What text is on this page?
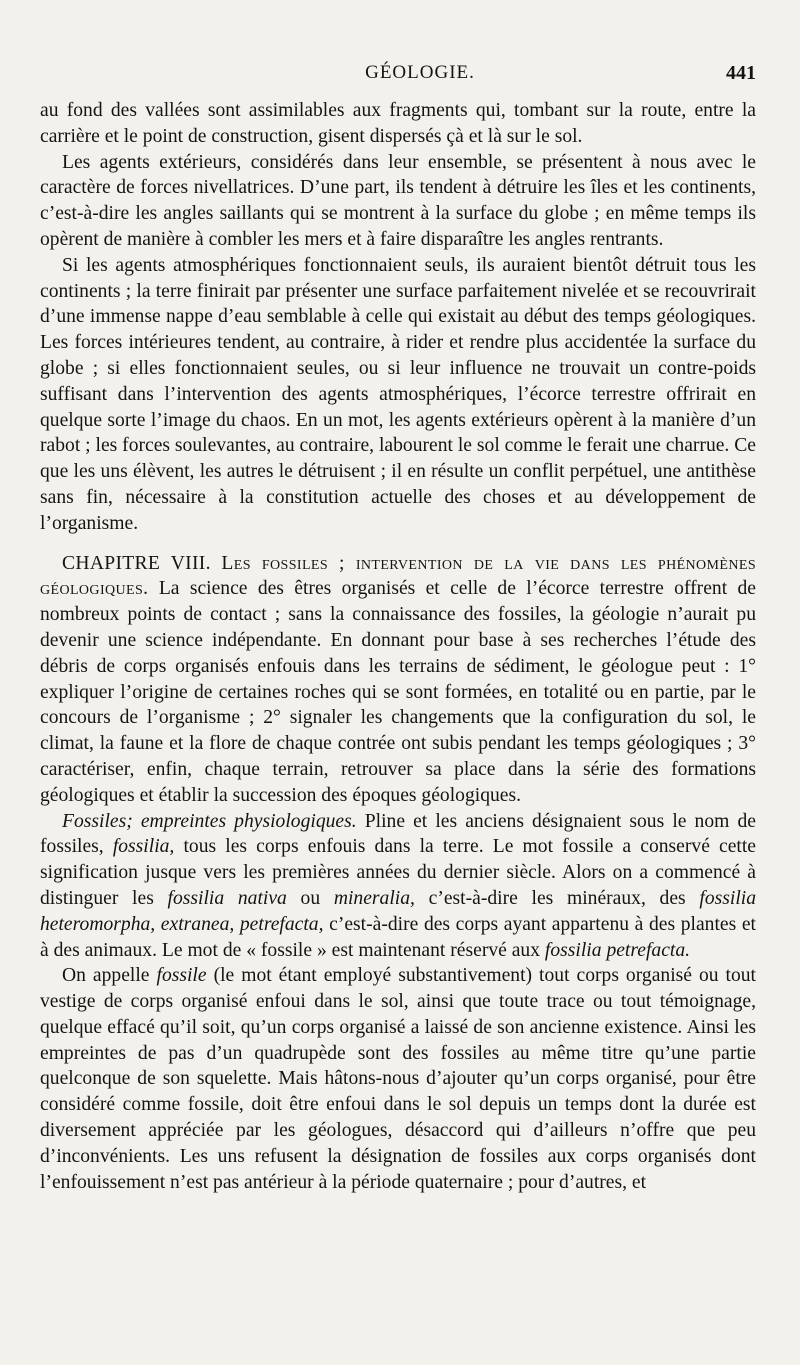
GÉOLOGIE.	441

au fond des vallées sont assimilables aux fragments qui, tombant sur la route, entre la carrière et le point de construction, gisent dispersés çà et là sur le sol.

Les agents extérieurs, considérés dans leur ensemble, se présentent à nous avec le caractère de forces nivellatrices. D’une part, ils tendent à détruire les îles et les continents, c’est-à-dire les angles saillants qui se montrent à la surface du globe ; en même temps ils opèrent de manière à combler les mers et à faire disparaître les angles rentrants.

Si les agents atmosphériques fonctionnaient seuls, ils auraient bientôt détruit tous les continents ; la terre finirait par présenter une surface parfaitement nivelée et se recouvrirait d’une immense nappe d’eau semblable à celle qui existait au début des temps géologiques. Les forces intérieures tendent, au contraire, à rider et rendre plus accidentée la surface du globe ; si elles fonctionnaient seules, ou si leur influence ne trouvait un contre-poids suffisant dans l’intervention des agents atmosphériques, l’écorce terrestre offrirait en quelque sorte l’image du chaos. En un mot, les agents extérieurs opèrent à la manière d’un rabot ; les forces soulevantes, au contraire, labourent le sol comme le ferait une charrue. Ce que les uns élèvent, les autres le détruisent ; il en résulte un conflit perpétuel, une antithèse sans fin, nécessaire à la constitution actuelle des choses et au développement de l’organisme.

CHAPITRE VIII. Les fossiles ; intervention de la vie dans les phénomènes géologiques. La science des êtres organisés et celle de l’écorce terrestre offrent de nombreux points de contact ; sans la connaissance des fossiles, la géologie n’aurait pu devenir une science indépendante. En donnant pour base à ses recherches l’étude des débris de corps organisés enfouis dans les terrains de sédiment, le géologue peut : 1° expliquer l’origine de certaines roches qui se sont formées, en totalité ou en partie, par le concours de l’organisme ; 2° signaler les changements que la configuration du sol, le climat, la faune et la flore de chaque contrée ont subis pendant les temps géologiques ; 3° caractériser, enfin, chaque terrain, retrouver sa place dans la série des formations géologiques et établir la succession des époques géologiques.

Fossiles; empreintes physiologiques. Pline et les anciens désignaient sous le nom de fossiles, fossilia, tous les corps enfouis dans la terre. Le mot fossile a conservé cette signification jusque vers les premières années du dernier siècle. Alors on a commencé à distinguer les fossilia nativa ou mineralia, c’est-à-dire les minéraux, des fossilia heteromorpha, extranea, petrefacta, c’est-à-dire des corps ayant appartenu à des plantes et à des animaux. Le mot de « fossile » est maintenant réservé aux fossilia petrefacta.

On appelle fossile (le mot étant employé substantivement) tout corps organisé ou tout vestige de corps organisé enfoui dans le sol, ainsi que toute trace ou tout témoignage, quelque effacé qu’il soit, qu’un corps organisé a laissé de son ancienne existence. Ainsi les empreintes de pas d’un quadrupède sont des fossiles au même titre qu’une partie quelconque de son squelette. Mais hâtons-nous d’ajouter qu’un corps organisé, pour être considéré comme fossile, doit être enfoui dans le sol depuis un temps dont la durée est diversement appréciée par les géologues, désaccord qui d’ailleurs n’offre que peu d’inconvénients. Les uns refusent la désignation de fossiles aux corps organisés dont l’enfouissement n’est pas antérieur à la période quaternaire ; pour d’autres, et
